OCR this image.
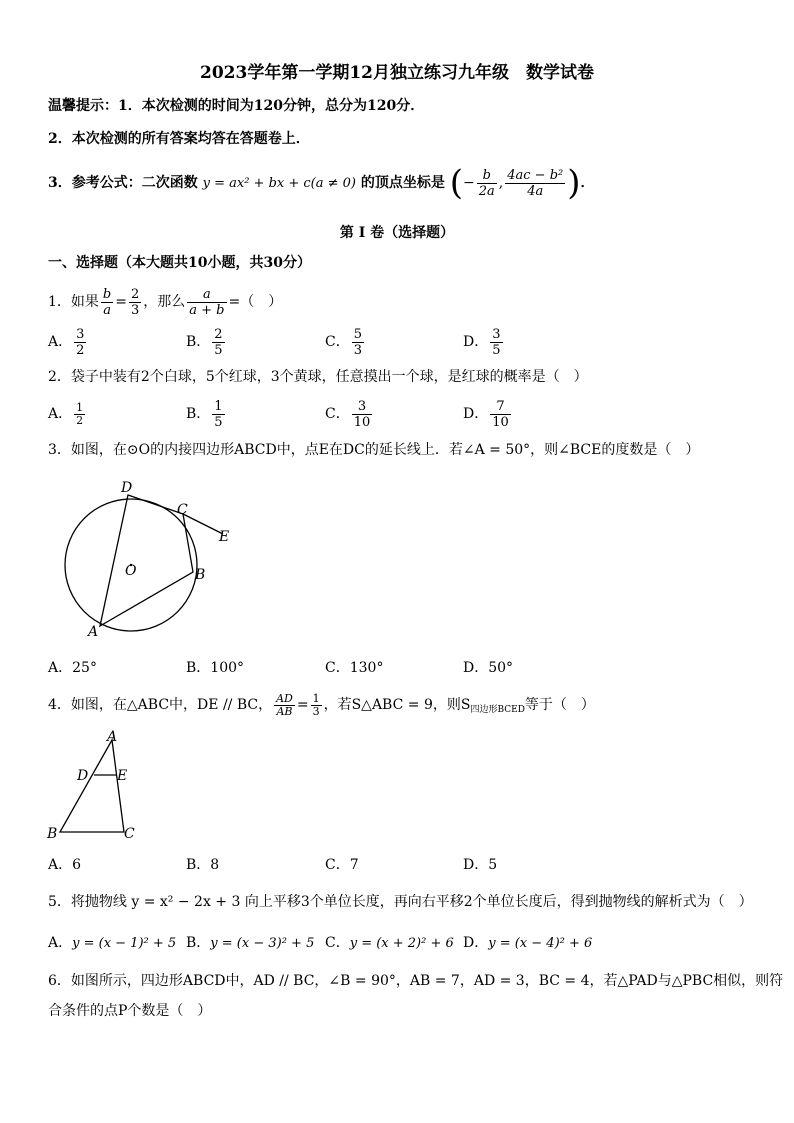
2023学年第一学期12月独立练习九年级　数学试卷
温馨提示：1．本次检测的时间为120分钟，总分为120分．
2．本次检测的所有答案均答在答题卷上．
3．参考公式：二次函数 y = ax² + bx + c(a ≠ 0) 的顶点坐标是 (− $\frac{b}{2a}$ , $\frac{\text{4ac − b²}}{4a}$ )．
第 I 卷（选择题）
一、选择题（本大题共10小题，共30分）
1．如果 $\frac{b}{a} = \frac{2}{3}$ ，那么 $\frac{a}{a + b}$ =（　）
A． $\frac{3}{2}$	B． $\frac{2}{5}$	C． $\frac{5}{3}$	D． $\frac{3}{5}$
2．袋子中装有2个白球，5个红球，3个黄球，任意摸出一个球，是红球的概率是（　）
A． $\frac{1}{2}$	B． $\frac{1}{5}$	C． $\frac{3}{10}$	D． $\frac{7}{10}$
3．如图，在⊙O的内接四边形ABCD中，点E在DC的延长线上．若∠A = 50°，则∠BCE的度数是（　）
D
C
E
O	B
A
A．25°	B．100°	C．130°	D．50°
4．如图，在△ABC中，DE // BC， $\frac{AD}{AB} = \frac{1}{3}$ ，若S△ABC = 9，则$S_{四边形BCED}$等于（　）
A
D E
B	C
A．6	B．8	C．7	D．5
5．将抛物线 y = x² − 2x + 3 向上平移3个单位长度，再向右平移2个单位长度后，得到抛物线的解析式为（　）
A．y = (x − 1)² + 5 B．y = (x − 3)² + 5 C．y = (x + 2)² + 6 D．y = (x − 4)² + 6
6．如图所示，四边形ABCD中，AD // BC，∠B = 90°，AB = 7，AD = 3，BC = 4，若△PAD与△PBC相似，则符
合条件的点P个数是（　）
